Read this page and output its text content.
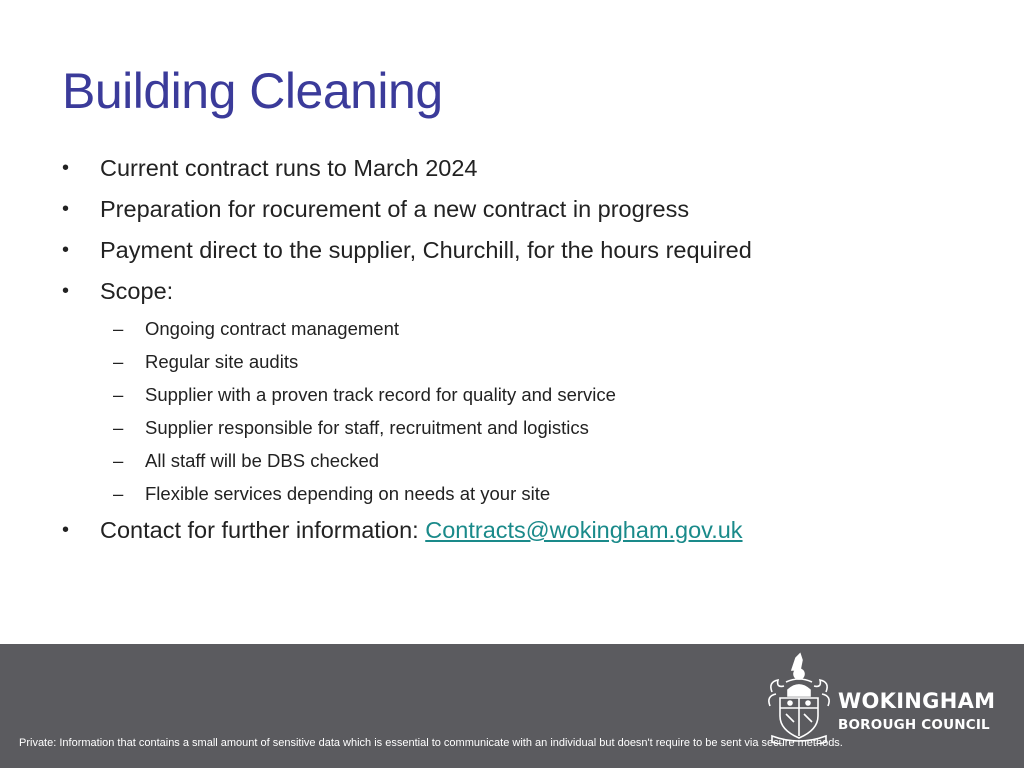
Building Cleaning
•	Current contract runs to March 2024
•	Preparation for rocurement of a new contract in progress
•	Payment direct to the supplier, Churchill, for the hours required
•	Scope:
– Ongoing contract management
– Regular site audits
– Supplier with a proven track record for quality and service
– Supplier responsible for staff, recruitment and logistics
– All staff will be DBS checked
– Flexible services depending on needs at your site
•	Contact for further information: Contracts@wokingham.gov.uk
WOKINGHAM
BOROUGH COUNCIL
Private: Information that contains a small amount of sensitive data which is essential to communicate with an individual but doesn't require to be sent via secure methods.
